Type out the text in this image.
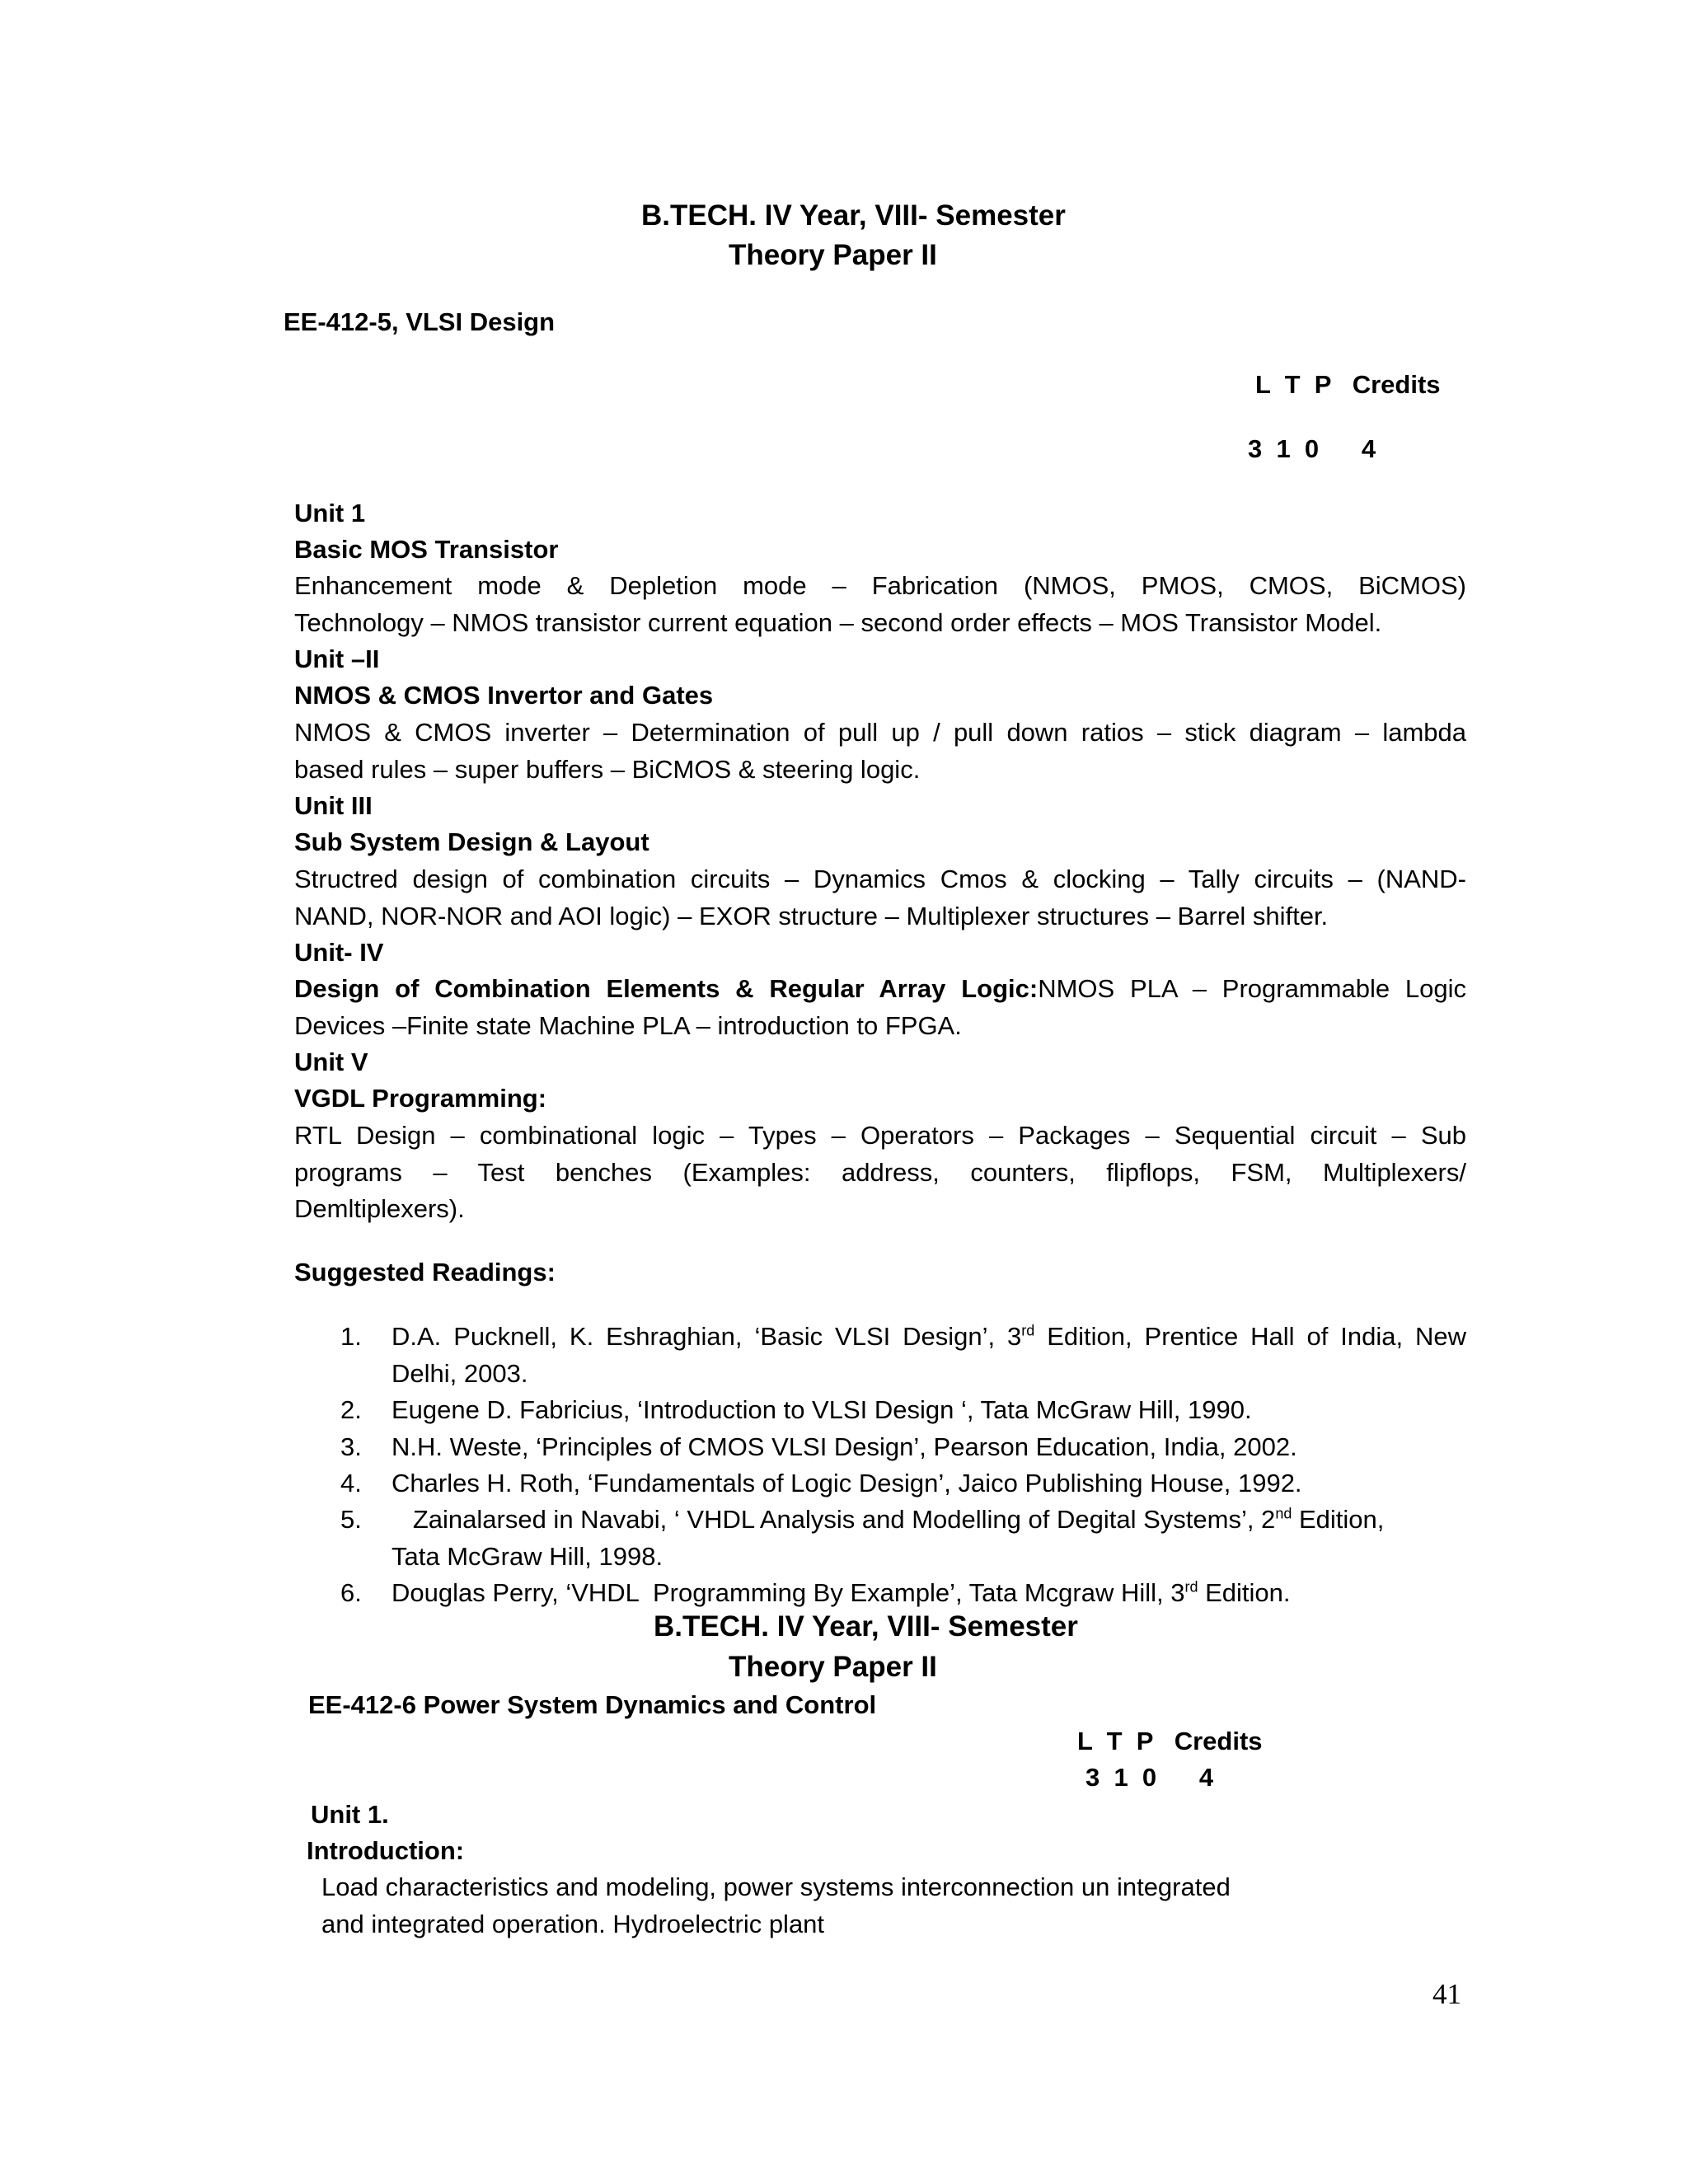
B.TECH. IV Year, VIII- Semester
Theory Paper II
EE-412-5, VLSI Design
L  T  P   Credits
3  1  0      4
Unit 1
Basic MOS Transistor
Enhancement mode & Depletion mode – Fabrication (NMOS, PMOS, CMOS, BiCMOS)
Technology – NMOS transistor current equation – second order effects – MOS Transistor Model.
Unit –II
NMOS & CMOS Invertor and Gates
NMOS & CMOS inverter – Determination of pull up / pull down ratios – stick diagram – lambda
based rules – super buffers – BiCMOS & steering logic.
Unit III
Sub System Design & Layout
Structred design of combination circuits – Dynamics Cmos & clocking – Tally circuits – (NAND-
NAND, NOR-NOR and AOI logic) – EXOR structure – Multiplexer structures – Barrel shifter.
Unit- IV
Design of Combination Elements & Regular Array Logic:NMOS PLA – Programmable Logic
Devices –Finite state Machine PLA – introduction to FPGA.
Unit V
VGDL Programming:
RTL Design – combinational logic – Types – Operators – Packages – Sequential circuit – Sub
programs – Test benches (Examples: address, counters, flipflops, FSM, Multiplexers/
Demltiplexers).
Suggested Readings:
1.	D.A. Pucknell, K. Eshraghian, ‘Basic VLSI Design’, 3rd Edition, Prentice Hall of India, New
Delhi, 2003.
2.	Eugene D. Fabricius, ‘Introduction to VLSI Design ‘, Tata McGraw Hill, 1990.
3.	N.H. Weste, ‘Principles of CMOS VLSI Design’, Pearson Education, India, 2002.
4.	Charles H. Roth, ‘Fundamentals of Logic Design’, Jaico Publishing House, 1992.
5.	Zainalarsed in Navabi, ‘ VHDL Analysis and Modelling of Degital Systems’, 2nd Edition,
Tata McGraw Hill, 1998.
6.	Douglas Perry, ‘VHDL  Programming By Example’, Tata Mcgraw Hill, 3rd Edition.
B.TECH. IV Year, VIII- Semester
Theory Paper II
EE-412-6 Power System Dynamics and Control
L  T  P   Credits
3  1  0      4
Unit 1.
Introduction:
Load characteristics and modeling, power systems interconnection un integrated
and integrated operation. Hydroelectric plant
41
